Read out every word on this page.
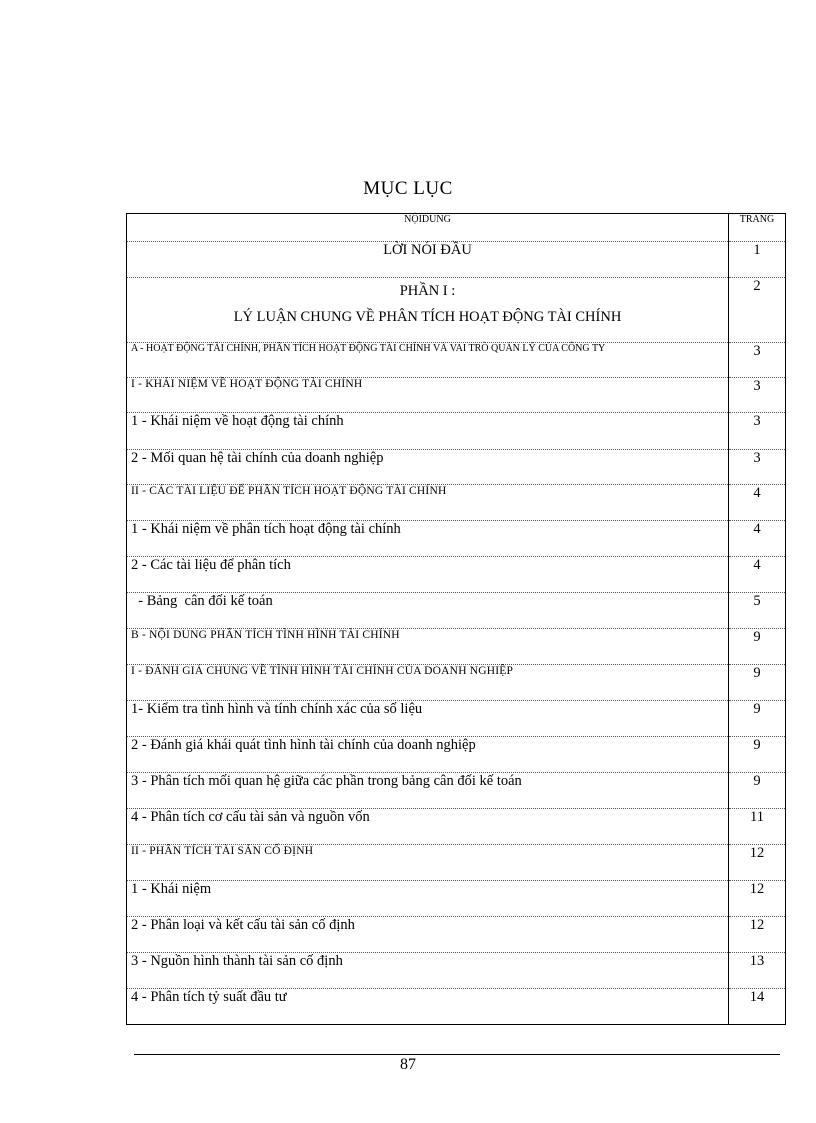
MỤC LỤC
NỘIDUNG	TRANG
LỜI NÓI ĐẦU	1

PHẦN I :
LÝ LUẬN CHUNG VỀ PHÂN TÍCH HOẠT ĐỘNG TÀI CHÍNH	2
A - HOẠT ĐỘNG TÀI CHÍNH, PHÂN TÍCH HOẠT ĐỘNG TÀI CHÍNH VÀ VAI TRÒ QUẢN LÝ CỦA CÔNG TY	3
I - KHÁI NIỆM VỀ HOẠT ĐỘNG TÀI CHÍNH	3
1 - Khái niệm về hoạt động tài chính	3
2 - Mối quan hệ tài chính của doanh nghiệp	3
II - CÁC TÀI LIỆU ĐỂ PHÂN TÍCH HOẠT ĐỘNG TÀI CHÍNH	4
1 - Khái niệm về phân tích hoạt động tài chính	4
2 - Các tài liệu để phân tích	4
- Bảng  cân đối kế toán	5
B - NỘI DUNG PHÂN TÍCH TÌNH HÌNH TÀI CHÍNH	9
I - ĐÁNH GIÁ CHUNG VỀ TÌNH HÌNH TÀI CHÍNH CỦA DOANH NGHIỆP	9
1- Kiểm tra tình hình và tính chính xác của số liệu	9
2 - Đánh giá khái quát tình hình tài chính của doanh nghiệp	9
3 - Phân tích mối quan hệ giữa các phần trong bảng cân đối kế toán	9
4 - Phân tích cơ cấu tài sản và nguồn vốn	11
II - PHÂN TÍCH TÀI SẢN CỐ ĐỊNH	12
1 - Khái niệm	12
2 - Phân loại và kết cấu tài sản cố định	12
3 - Nguồn hình thành tài sản cố định	13
4 - Phân tích tỷ suất đầu tư	14
87
